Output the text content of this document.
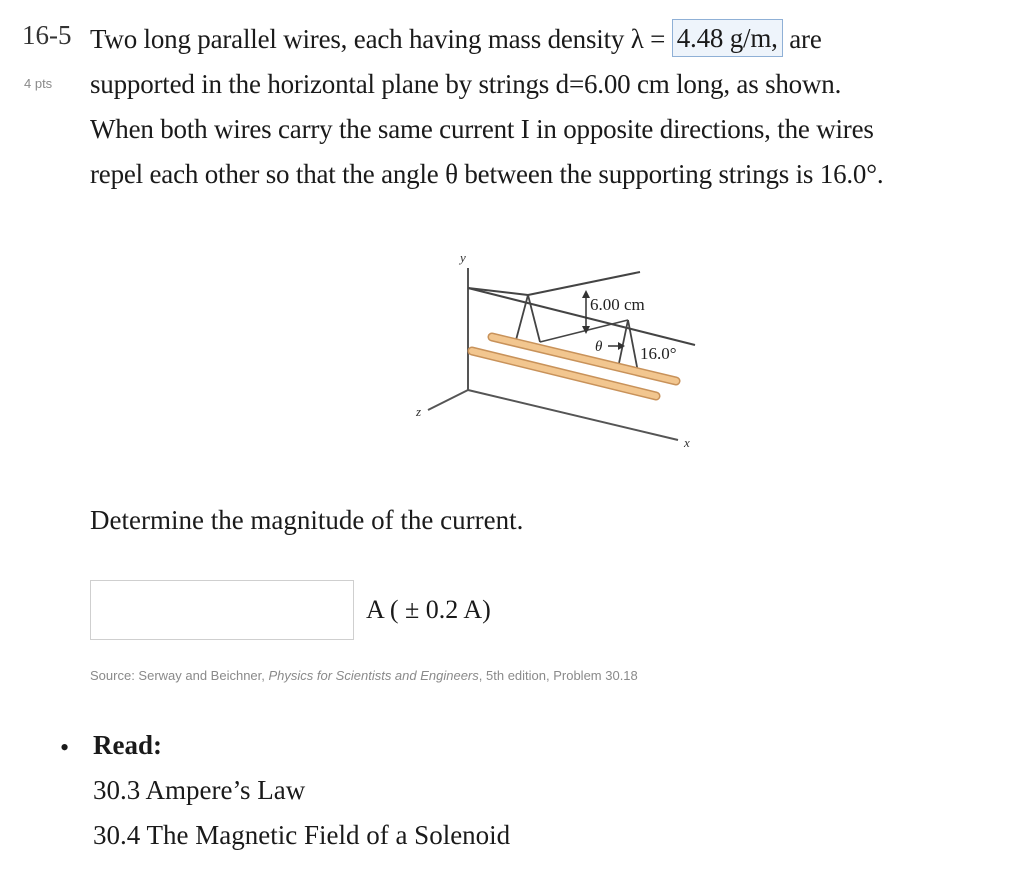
16-5
4 pts

Two long parallel wires, each having mass density λ = 4.48 g/m, are

supported in the horizontal plane by strings d=6.00 cm long, as shown.

When both wires carry the same current I in opposite directions, the wires

repel each other so that the angle θ between the supporting strings is 16.0°.

y
x
z
6.00 cm
θ 16.0°
Determine the magnitude of the current.
A ( ± 0.2 A)
Source: Serway and Beichner, Physics for Scientists and Engineers, 5th edition, Problem 30.18
• Read:
30.3 Ampere’s Law
30.4 The Magnetic Field of a Solenoid
